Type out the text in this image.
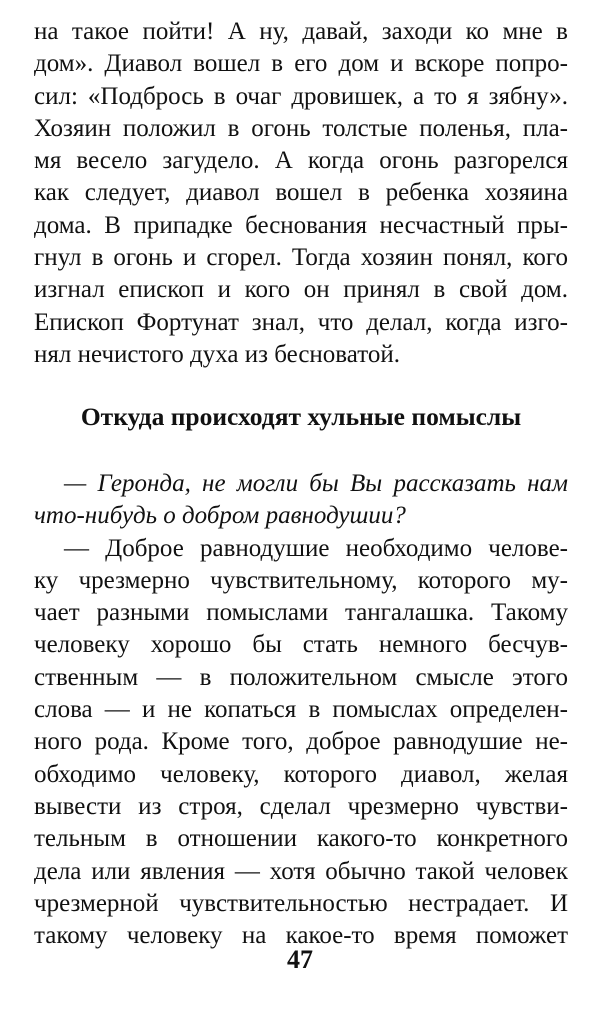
на такое пойти! А ну, давай, заходи ко мне в
дом». Диавол вошел в его дом и вскоре попро-
сил: «Подбрось в очаг дровишек, а то я зябну».
Хозяин положил в огонь толстые поленья, пла-
мя весело загудело. А когда огонь разгорелся
как следует, диавол вошел в ребенка хозяина
дома. В припадке беснования несчастный пры-
гнул в огонь и сгорел. Тогда хозяин понял, кого
изгнал епископ и кого он принял в свой дом.
Епископ Фортунат знал, что делал, когда изго-
нял нечистого духа из бесноватой.
Откуда происходят хульные помыслы
— Геронда, не могли бы Вы рассказать нам
что-нибудь о добром равнодушии?
— Доброе равнодушие необходимо челове-
ку чрезмерно чувствительному, которого му-
чает разными помыслами тангалашка. Такому
человеку хорошо бы стать немного бесчув-
ственным — в положительном смысле этого
слова — и не копаться в помыслах определен-
ного рода. Кроме того, доброе равнодушие не-
обходимо человеку, которого диавол, желая
вывести из строя, сделал чрезмерно чувстви-
тельным в отношении какого-то конкретного
дела или явления — хотя обычно такой человек
чрезмерной чувствительностью нестрадает. И
такому человеку на какое-то время поможет
47
